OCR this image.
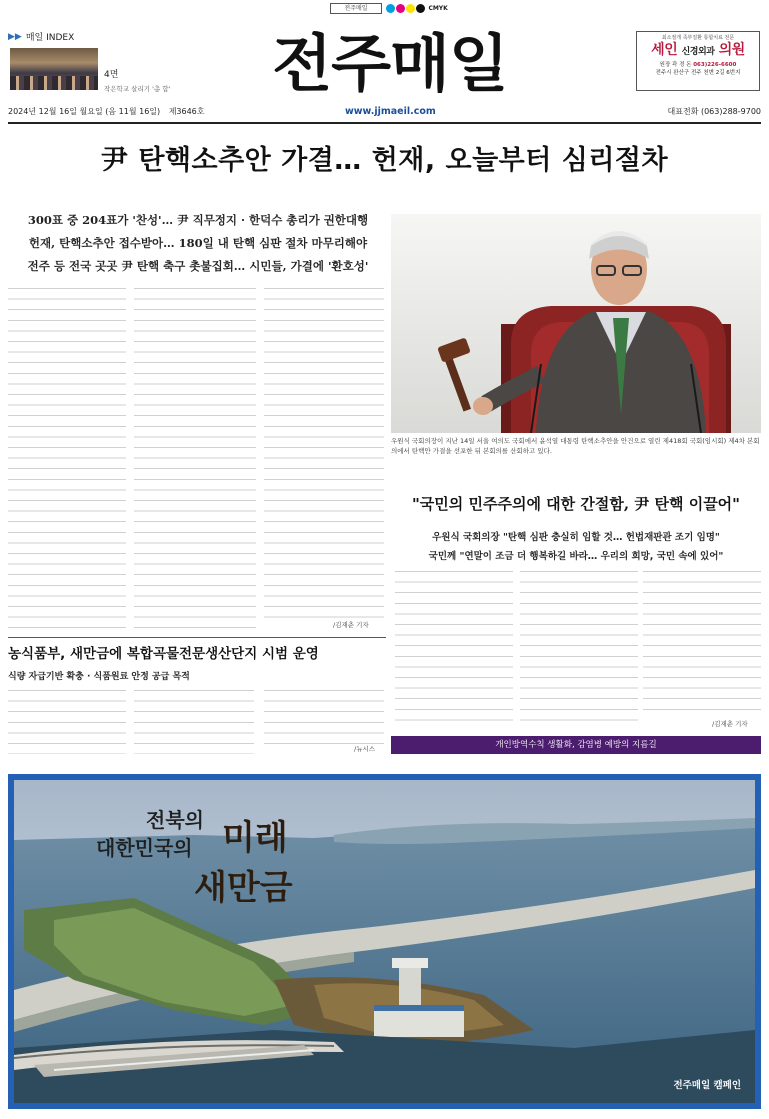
전주매일	CMYK
▶▶ 매일 INDEX
4면
작은학교 살리기 '총 합' 전주매일	최소절개 족부질환 통합치료 전문
세인 신경외과 의원
원장 곽 경 돈 063)226-6600
전주시 완산구 전주 천변 2길 6번지
2024년 12월 16일 월요일 (음 11월 16일) 제3646호	www.jjmaeil.com	대표전화 (063)288-9700
尹 탄핵소추안 가결… 헌재, 오늘부터 심리절차
300표 중 204표가 '찬성'… 尹 직무정지 · 한덕수 총리가 권한대행
헌재, 탄핵소추안 접수받아… 180일 내 탄핵 심판 절차 마무리해야
전주 등 전국 곳곳 尹 탄핵 축구 촛불집회… 시민들, 가결에 '환호성'
/김재춘 기자
우원식 국회의장이 지난 14일 서울 여의도 국회에서 윤석열 대통령 탄핵소추안을 안건으로 열린 제418회 국회(임시회) 제4차 본회의에서 탄핵안 가결을 선포한 뒤 본회의를 산회하고 있다.
"국민의 민주주의에 대한 간절함, 尹 탄핵 이끌어"
우원식 국회의장 "탄핵 심판 충실히 임할 것… 헌법재판관 조기 임명"
국민께 "연말이 조금 더 행복하길 바라… 우리의 희망, 국민 속에 있어"
/김재춘 기자
농식품부, 새만금에 복합곡물전문생산단지 시범 운영
식량 자급기반 확충 · 식품원료 안정 공급 목적
/뉴시스	개인방역수칙 생활화, 감염병 예방의 지름길
전북의
대한민국의 미래
새만금
전주매일 캠페인
